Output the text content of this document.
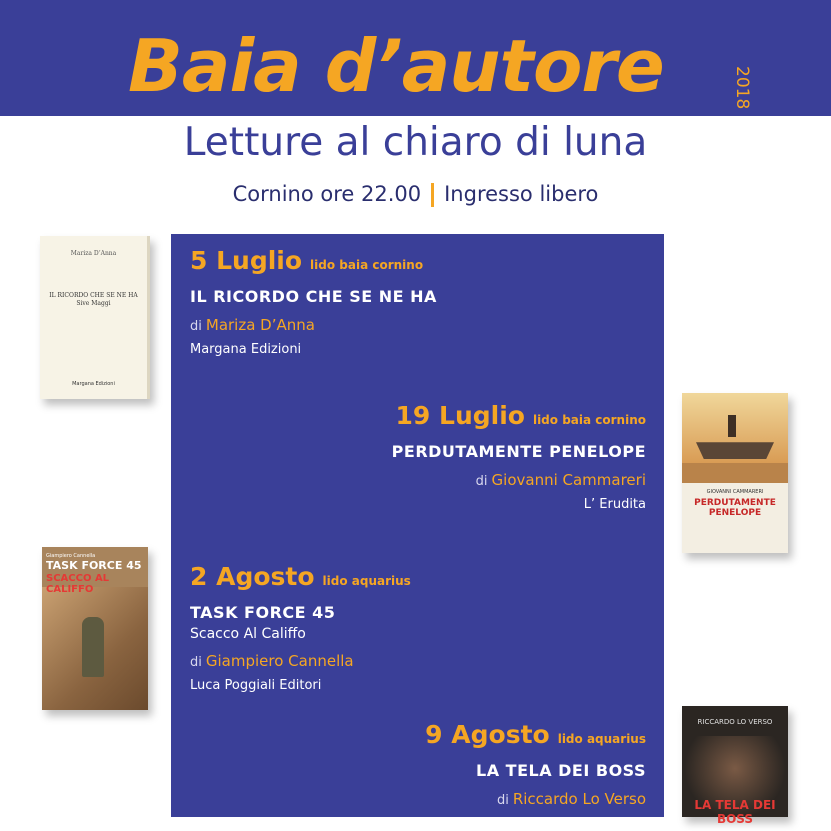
Baia d’autore	2018
Letture al chiaro di luna
Cornino ore 22.00 Ingresso libero
5 Luglio lido baia cornino
IL RICORDO CHE SE NE HA
di Mariza D’Anna
Margana Edizioni
19 Luglio lido baia cornino
PERDUTAMENTE PENELOPE
di Giovanni Cammareri
L’ Erudita
2 Agosto lido aquarius
TASK FORCE 45
Scacco Al Califfo
di Giampiero Cannella
Luca Poggiali Editori
9 Agosto lido aquarius
LA TELA DEI BOSS
di Riccardo Lo Verso
I Libri di S
Mariza D’Anna
IL RICORDO CHE SE NE HA
Sive Maggi
Margana Edizioni
GIOVANNI CAMMARERI
PERDUTAMENTE
PENELOPE
Giampiero Cannella
TASK FORCE 45
SCACCO AL CALIFFO
RICCARDO LO VERSO
LA TELA DEI BOSS
